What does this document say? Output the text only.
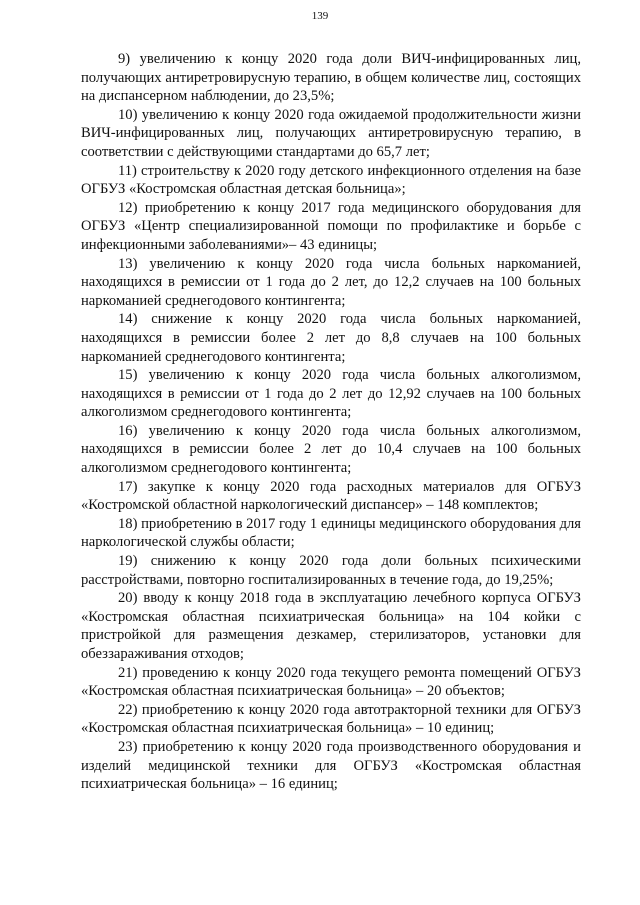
139

9) увеличению к концу 2020 года доли ВИЧ-инфицированных лиц, получающих антиретровирусную терапию, в общем количестве лиц, состоящих на диспансерном наблюдении, до 23,5%;

10) увеличению к концу 2020 года ожидаемой продолжительности жизни ВИЧ-инфицированных лиц, получающих антиретровирусную терапию, в соответствии с действующими стандартами до 65,7 лет;

11) строительству к 2020 году детского инфекционного отделения на базе ОГБУЗ «Костромская областная детская больница»;

12) приобретению к концу 2017 года медицинского оборудования для ОГБУЗ «Центр специализированной помощи по профилактике и борьбе с инфекционными заболеваниями»– 43 единицы;

13) увеличению к концу 2020 года числа больных наркоманией, находящихся в ремиссии от 1 года до 2 лет, до 12,2 случаев на 100 больных наркоманией среднегодового контингента;

14) снижение к концу 2020 года числа больных наркоманией, находящихся в ремиссии более 2 лет до 8,8 случаев на 100 больных наркоманией среднегодового контингента;

15) увеличению к концу 2020 года числа больных алкоголизмом, находящихся в ремиссии от 1 года до 2 лет до 12,92 случаев на 100 больных алкоголизмом среднегодового контингента;

16) увеличению к концу 2020 года числа больных алкоголизмом, находящихся в ремиссии более 2 лет до 10,4 случаев на 100 больных алкоголизмом среднегодового контингента;

17) закупке к концу 2020 года расходных материалов для ОГБУЗ «Костромской областной наркологический диспансер» – 148 комплектов;

18) приобретению в 2017 году 1 единицы медицинского оборудования для наркологической службы области;

19) снижению к концу 2020 года доли больных психическими расстройствами, повторно госпитализированных в течение года, до 19,25%;

20) вводу к концу 2018 года в эксплуатацию лечебного корпуса ОГБУЗ «Костромская областная психиатрическая больница» на 104 койки с пристройкой для размещения дезкамер, стерилизаторов, установки для обеззараживания отходов;

21) проведению к концу 2020 года текущего ремонта помещений ОГБУЗ «Костромская областная психиатрическая больница» – 20 объектов;

22) приобретению к концу 2020 года автотракторной техники для ОГБУЗ «Костромская областная психиатрическая больница» – 10 единиц;

23) приобретению к концу 2020 года производственного оборудования и изделий медицинской техники для ОГБУЗ «Костромская областная психиатрическая больница» – 16 единиц;
